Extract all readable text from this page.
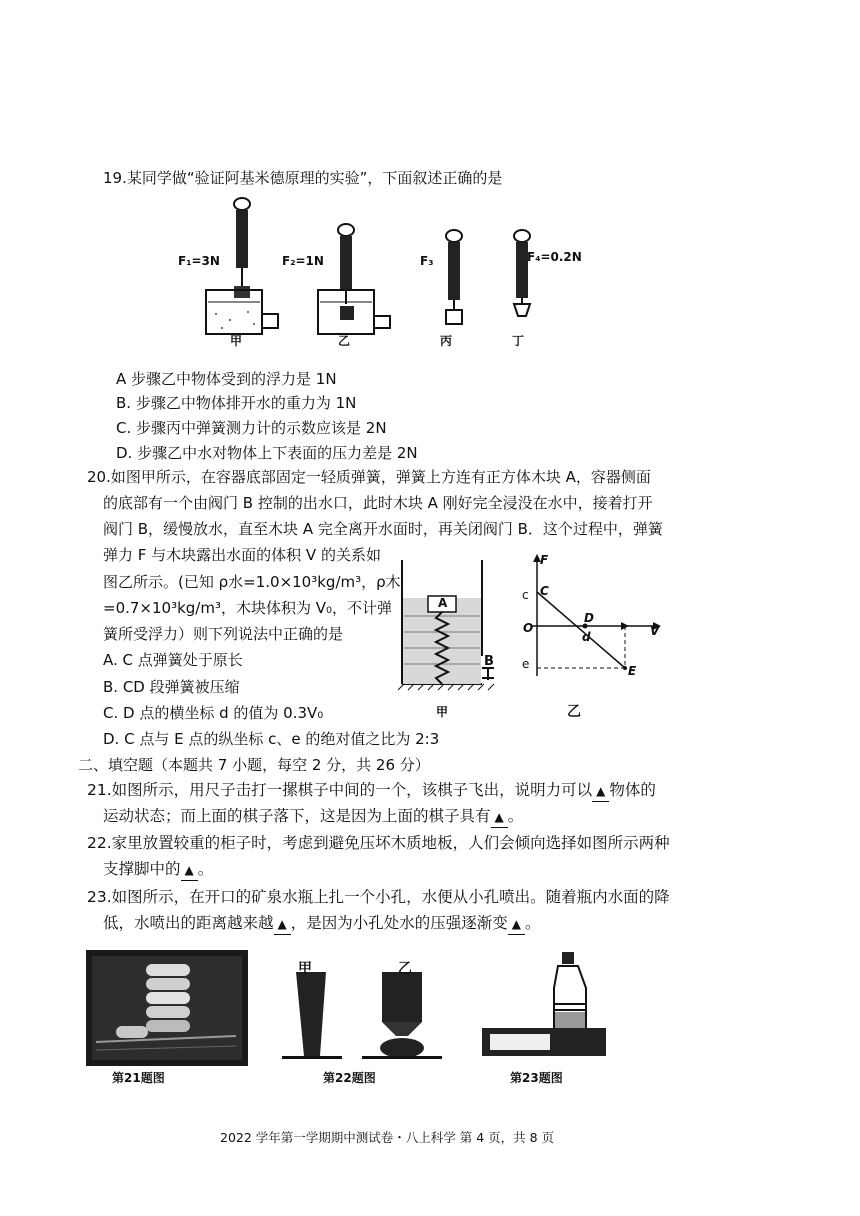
19.某同学做“验证阿基米德原理的实验”，下面叙述正确的是
F₁=3N	F₂=1N	F₃	F₄=0.2N
甲	乙	丙	丁
A 步骤乙中物体受到的浮力是 1N
B. 步骤乙中物体排开水的重力为 1N
C. 步骤丙中弹簧测力计的示数应该是 2N
D. 步骤乙中水对物体上下表面的压力差是 2N
20.如图甲所示，在容器底部固定一轻质弹簧，弹簧上方连有正方体木块 A，容器侧面
的底部有一个由阀门 B 控制的出水口，此时木块 A 刚好完全浸没在水中，接着打开
阀门 B，缓慢放水，直至木块 A 完全离开水面时，再关闭阀门 B．这个过程中，弹簧
弹力 F 与木块露出水面的体积 V 的关系如
图乙所示。(已知 ρ水=1.0×10³kg/m³，ρ木
=0.7×10³kg/m³，木块体积为 V₀，不计弹
簧所受浮力）则下列说法中正确的是
A. C 点弹簧处于原长
B. CD 段弹簧被压缩
C. D 点的横坐标 d 的值为 0.3V₀
D. C 点与 E 点的纵坐标 c、e 的绝对值之比为 2:3
A
B
甲
F
V
O
c C
D
d
e	E
乙
二、填空题（本题共 7 小题，每空 2 分，共 26 分）
21.如图所示，用尺子击打一摞棋子中间的一个，该棋子飞出，说明力可以 ▲ 物体的
运动状态；而上面的棋子落下，这是因为上面的棋子具有 ▲ 。
22.家里放置较重的柜子时，考虑到避免压坏木质地板，人们会倾向选择如图所示两种
支撑脚中的 ▲ 。
23.如图所示，在开口的矿泉水瓶上扎一个小孔，水便从小孔喷出。随着瓶内水面的降
低，水喷出的距离越来越 ▲ ，是因为小孔处水的压强逐渐变 ▲ 。
甲	乙
第21题图	第22题图	第23题图
2022 学年第一学期期中测试卷・八上科学 第 4 页，共 8 页
